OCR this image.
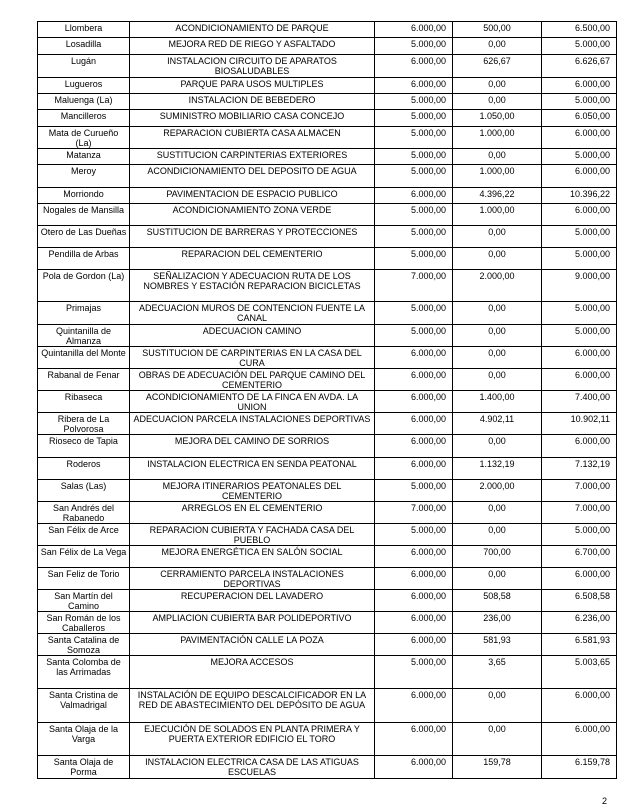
Llombera	ACONDICIONAMIENTO DE PARQUE	6.000,00	500,00	6.500,00
Losadilla	MEJORA RED DE RIEGO Y ASFALTADO	5.000,00	0,00	5.000,00
Lugán	INSTALACION CIRCUITO DE APARATOS BIOSALUDABLES	6.000,00	626,67	6.626,67
Lugueros	PARQUE PARA USOS MULTIPLES	6.000,00	0,00	6.000,00
Maluenga (La)	INSTALACION DE BEBEDERO	5.000,00	0,00	5.000,00
Mancilleros	SUMINISTRO MOBILIARIO CASA CONCEJO	5.000,00	1.050,00	6.050,00
Mata de Curueño (La)	REPARACION CUBIERTA CASA ALMACEN	5.000,00	1.000,00	6.000,00
Matanza	SUSTITUCION CARPINTERIAS EXTERIORES	5.000,00	0,00	5.000,00
Meroy	ACONDICIONAMIENTO DEL DEPOSITO DE AGUA	5.000,00	1.000,00	6.000,00
Morriondo	PAVIMENTACION DE ESPACIO PUBLICO	6.000,00	4.396,22	10.396,22
Nogales de Mansilla	ACONDICIONAMIENTO ZONA VERDE	5.000,00	1.000,00	6.000,00
Otero de Las Dueñas	SUSTITUCION DE BARRERAS Y PROTECCIONES	5.000,00	0,00	5.000,00
Pendilla de Arbas	REPARACION DEL CEMENTERIO	5.000,00	0,00	5.000,00
Pola de Gordon (La)	SEÑALIZACION Y ADECUACION RUTA DE LOS NOMBRES Y ESTACIÓN REPARACION BICICLETAS	7.000,00	2.000,00	9.000,00
Primajas	ADECUACION MUROS DE CONTENCION FUENTE LA CANAL	5.000,00	0,00	5.000,00
Quintanilla de Almanza	ADECUACION CAMINO	5.000,00	0,00	5.000,00
Quintanilla del Monte	SUSTITUCION DE CARPINTERIAS EN LA CASA DEL CURA	6.000,00	0,00	6.000,00
Rabanal de Fenar	OBRAS DE ADECUACIÓN DEL PARQUE CAMINO DEL CEMENTERIO	6.000,00	0,00	6.000,00
Ribaseca	ACONDICIONAMIENTO DE LA FINCA EN AVDA. LA UNION	6.000,00	1.400,00	7.400,00
Ribera de La Polvorosa	ADECUACION PARCELA INSTALACIONES DEPORTIVAS	6.000,00	4.902,11	10.902,11
Rioseco de Tapia	MEJORA DEL CAMINO DE SORRIOS	6.000,00	0,00	6.000,00
Roderos	INSTALACION ELECTRICA EN SENDA PEATONAL	6.000,00	1.132,19	7.132,19
Salas (Las)	MEJORA ITINERARIOS PEATONALES DEL CEMENTERIO	5.000,00	2.000,00	7.000,00
San Andrés del Rabanedo	ARREGLOS EN EL CEMENTERIO	7.000,00	0,00	7.000,00
San Félix de Arce	REPARACION CUBIERTA Y FACHADA CASA DEL PUEBLO	5.000,00	0,00	5.000,00
San Félix de La Vega	MEJORA ENERGÉTICA EN SALÓN SOCIAL	6.000,00	700,00	6.700,00
San Feliz de Torio	CERRAMIENTO PARCELA INSTALACIONES DEPORTIVAS	6.000,00	0,00	6.000,00
San Martín del Camino	RECUPERACION DEL LAVADERO	6.000,00	508,58	6.508,58
San Román de los Caballeros	AMPLIACION CUBIERTA BAR POLIDEPORTIVO	6.000,00	236,00	6.236,00
Santa Catalina de Somoza	PAVIMENTACIÓN CALLE LA POZA	6.000,00	581,93	6.581,93
Santa Colomba de las Arrimadas	MEJORA ACCESOS	5.000,00	3,65	5.003,65
Santa Cristina de Valmadrigal	INSTALACIÓN DE EQUIPO DESCALCIFICADOR EN LA RED DE ABASTECIMIENTO DEL DEPÓSITO DE AGUA	6.000,00	0,00	6.000,00
Santa Olaja de la Varga	EJECUCIÓN DE SOLADOS EN PLANTA PRIMERA Y PUERTA EXTERIOR EDIFICIO EL TORO	6.000,00	0,00	6.000,00
Santa Olaja de Porma	INSTALACION ELECTRICA CASA DE LAS ATIGUAS ESCUELAS	6.000,00	159,78	6.159,78
2
